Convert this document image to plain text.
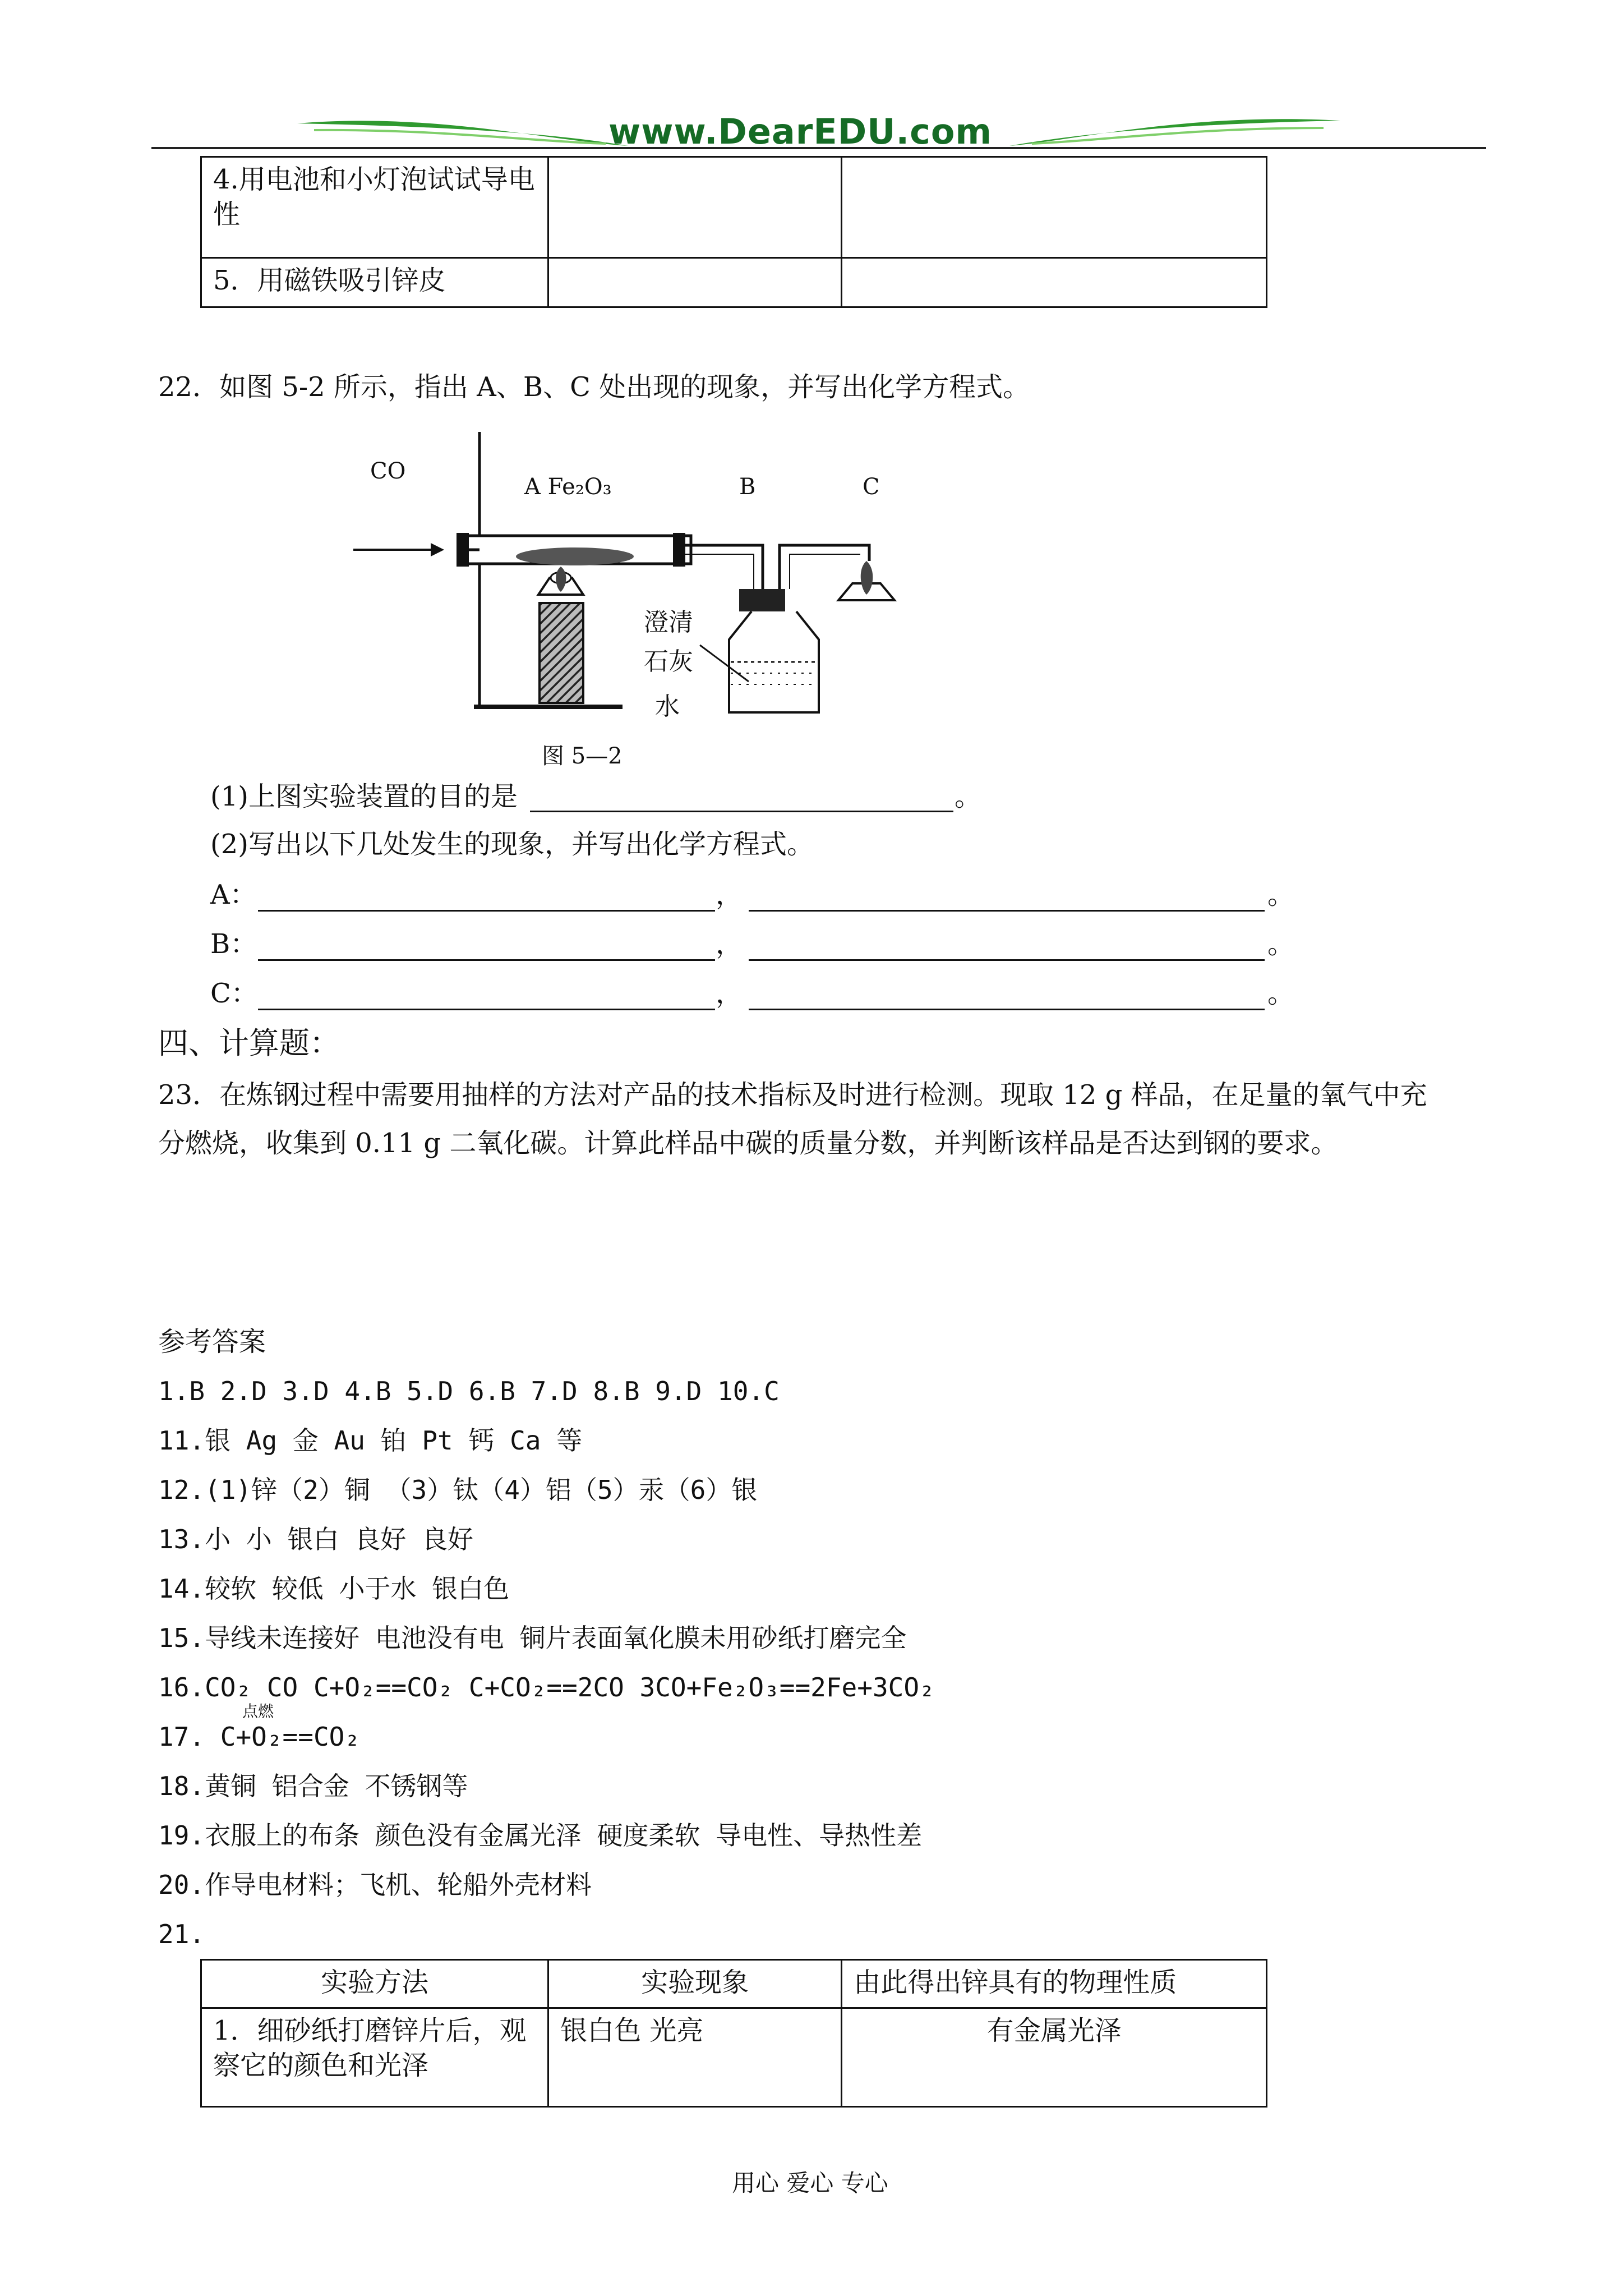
www.DearEDU.com
4.用电池和小灯泡试试导电性		
5．用磁铁吸引锌皮		
22．如图 5-2 所示，指出 A、B、C 处出现的现象，并写出化学方程式。
CO
A Fe₂O₃	B	C
澄清
石灰
水
图 5—2
(1)上图实验装置的目的是	。
(2)写出以下几处发生的现象，并写出化学方程式。
A：	，	。
B：	，	。
C：	，	。
四、计算题：
23．在炼钢过程中需要用抽样的方法对产品的技术指标及时进行检测。现取 12 g 样品，在足量的氧气中充
分燃烧，收集到 0.11 g 二氧化碳。计算此样品中碳的质量分数，并判断该样品是否达到钢的要求。
参考答案
1.B 2.D 3.D 4.B 5.D 6.B 7.D 8.B 9.D 10.C
11.银 Ag 金 Au 铂 Pt 钙 Ca 等
12.(1)锌（2）铜 （3）钛（4）铝（5）汞（6）银
13.小 小 银白 良好 良好
14.较软 较低 小于水 银白色
15.导线未连接好 电池没有电 铜片表面氧化膜未用砂纸打磨完全
16.CO₂ CO C+O₂==CO₂ C+CO₂==2CO 3CO+Fe₂O₃==2Fe+3CO₂
点燃
17. C+O₂==CO₂
18.黄铜 铝合金 不锈钢等
19.衣服上的布条 颜色没有金属光泽 硬度柔软 导电性、导热性差
20.作导电材料；飞机、轮船外壳材料
21.
实验方法	实验现象	由此得出锌具有的物理性质
1．细砂纸打磨锌片后，观察它的颜色和光泽	银白色 光亮	有金属光泽
用心 爱心 专心
